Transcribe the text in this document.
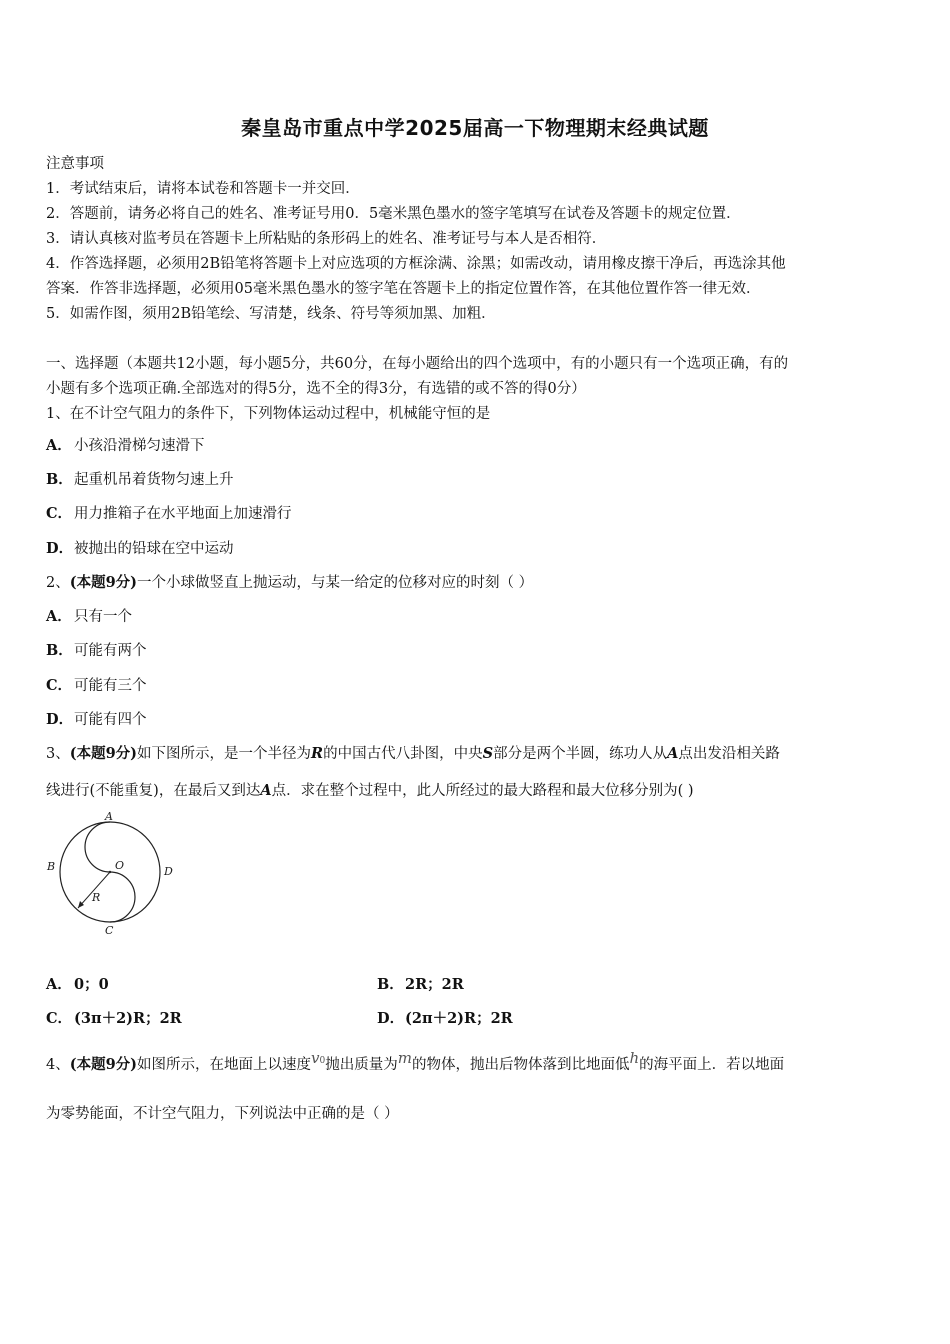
秦皇岛市重点中学2025届高一下物理期末经典试题
注意事项
1．考试结束后，请将本试卷和答题卡一并交回．
2．答题前，请务必将自己的姓名、准考证号用0．5毫米黑色墨水的签字笔填写在试卷及答题卡的规定位置．
3．请认真核对监考员在答题卡上所粘贴的条形码上的姓名、准考证号与本人是否相符．
4．作答选择题，必须用2B铅笔将答题卡上对应选项的方框涂满、涂黑；如需改动，请用橡皮擦干净后，再选涂其他
答案．作答非选择题，必须用05毫米黑色墨水的签字笔在答题卡上的指定位置作答，在其他位置作答一律无效．
5．如需作图，须用2B铅笔绘、写清楚，线条、符号等须加黑、加粗．
一、选择题（本题共12小题，每小题5分，共60分，在每小题给出的四个选项中，有的小题只有一个选项正确，有的
小题有多个选项正确.全部选对的得5分，选不全的得3分，有选错的或不答的得0分）
1、在不计空气阻力的条件下，下列物体运动过程中，机械能守恒的是
A． 小孩沿滑梯匀速滑下
B．起重机吊着货物匀速上升
C． 用力推箱子在水平地面上加速滑行
D．被抛出的铅球在空中运动
2、(本题9分)一个小球做竖直上抛运动，与某一给定的位移对应的时刻（ ）
A． 只有一个
B．可能有两个
C． 可能有三个
D．可能有四个
3、(本题9分)如下图所示，是一个半径为R的中国古代八卦图，中央S部分是两个半圆，练功人从A点出发沿相关路
线进行(不能重复)，在最后又到达A点．求在整个过程中，此人所经过的最大路程和最大位移分别为( )
A
B	O	D
R
C
A． 0；0	B．2R；2R
C． (3π＋2)R；2R	D．(2π＋2)R；2R
4、(本题9分)如图所示，在地面上以速度v0抛出质量为m的物体，抛出后物体落到比地面低h的海平面上．若以地面
为零势能面，不计空气阻力，下列说法中正确的是（ ）
